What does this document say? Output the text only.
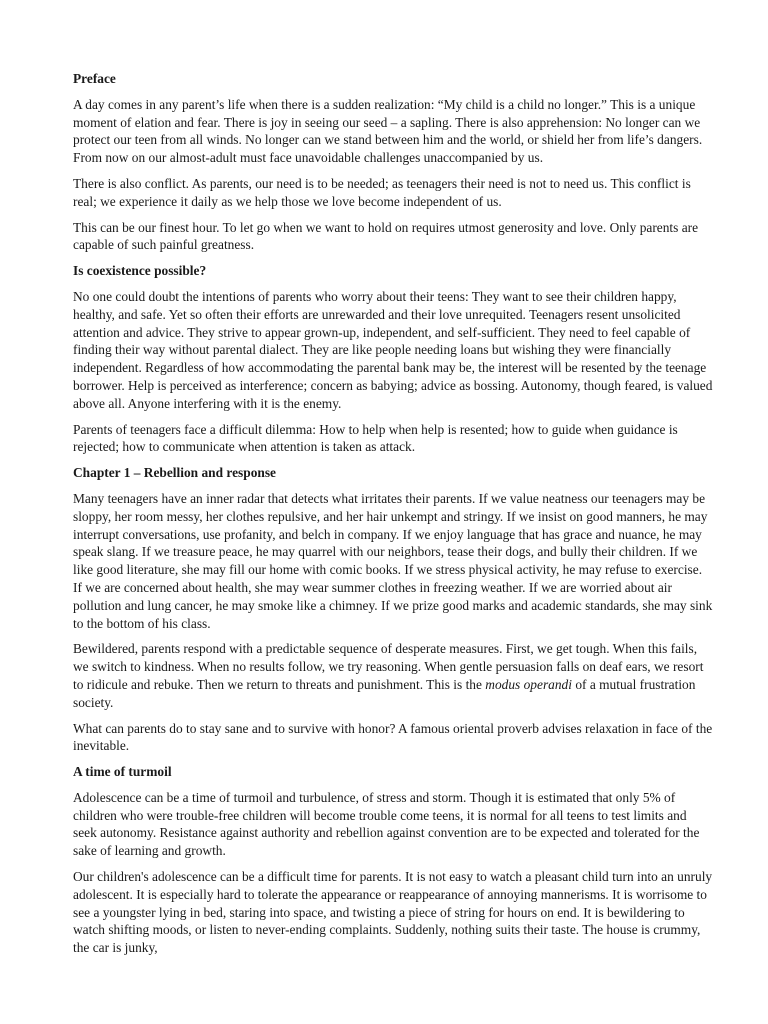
Preface

A day comes in any parent’s life when there is a sudden realization: “My child is a child no longer.” This is a unique moment of elation and fear. There is joy in seeing our seed – a sapling. There is also apprehension: No longer can we protect our teen from all winds. No longer can we stand between him and the world, or shield her from life’s dangers. From now on our almost-adult must face unavoidable challenges unaccompanied by us.

There is also conflict. As parents, our need is to be needed; as teenagers their need is not to need us. This conflict is real; we experience it daily as we help those we love become independent of us.

This can be our finest hour. To let go when we want to hold on requires utmost generosity and love. Only parents are capable of such painful greatness.

Is coexistence possible?

No one could doubt the intentions of parents who worry about their teens: They want to see their children happy, healthy, and safe. Yet so often their efforts are unrewarded and their love unrequited. Teenagers resent unsolicited attention and advice. They strive to appear grown-up, independent, and self-sufficient. They need to feel capable of finding their way without parental dialect. They are like people needing loans but wishing they were financially independent. Regardless of how accommodating the parental bank may be, the interest will be resented by the teenage borrower. Help is perceived as interference; concern as babying; advice as bossing. Autonomy, though feared, is valued above all. Anyone interfering with it is the enemy.

Parents of teenagers face a difficult dilemma: How to help when help is resented; how to guide when guidance is rejected; how to communicate when attention is taken as attack.

Chapter 1 – Rebellion and response

Many teenagers have an inner radar that detects what irritates their parents. If we value neatness our teenagers may be sloppy, her room messy, her clothes repulsive, and her hair unkempt and stringy. If we insist on good manners, he may interrupt conversations, use profanity, and belch in company. If we enjoy language that has grace and nuance, he may speak slang. If we treasure peace, he may quarrel with our neighbors, tease their dogs, and bully their children. If we like good literature, she may fill our home with comic books. If we stress physical activity, he may refuse to exercise. If we are concerned about health, she may wear summer clothes in freezing weather. If we are worried about air pollution and lung cancer, he may smoke like a chimney. If we prize good marks and academic standards, she may sink to the bottom of his class.

Bewildered, parents respond with a predictable sequence of desperate measures. First, we get tough. When this fails, we switch to kindness. When no results follow, we try reasoning. When gentle persuasion falls on deaf ears, we resort to ridicule and rebuke. Then we return to threats and punishment. This is the modus operandi of a mutual frustration society.

What can parents do to stay sane and to survive with honor? A famous oriental proverb advises relaxation in face of the inevitable.

A time of turmoil

Adolescence can be a time of turmoil and turbulence, of stress and storm. Though it is estimated that only 5% of children who were trouble-free children will become trouble come teens, it is normal for all teens to test limits and seek autonomy. Resistance against authority and rebellion against convention are to be expected and tolerated for the sake of learning and growth.

Our children's adolescence can be a difficult time for parents. It is not easy to watch a pleasant child turn into an unruly adolescent. It is especially hard to tolerate the appearance or reappearance of annoying mannerisms. It is worrisome to see a youngster lying in bed, staring into space, and twisting a piece of string for hours on end. It is bewildering to watch shifting moods, or listen to never-ending complaints. Suddenly, nothing suits their taste. The house is crummy, the car is junky,
